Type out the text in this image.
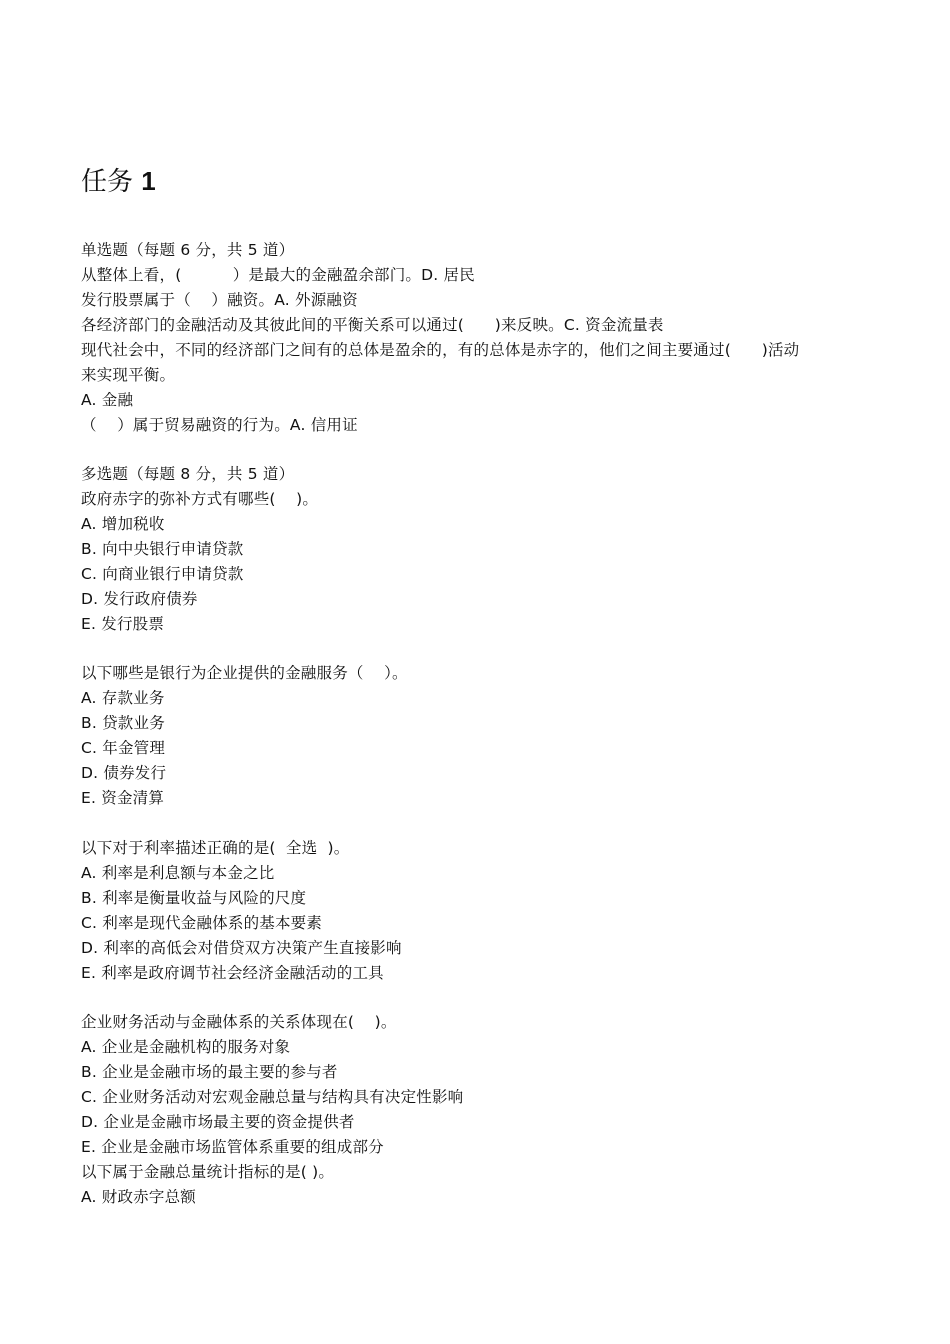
任务 1
单选题（每题 6 分，共 5 道）
从整体上看，(          ）是最大的金融盈余部门。D. 居民
发行股票属于（    ）融资。A. 外源融资
各经济部门的金融活动及其彼此间的平衡关系可以通过(      )来反映。C. 资金流量表
现代社会中，不同的经济部门之间有的总体是盈余的，有的总体是赤字的，他们之间主要通过(      )活动
来实现平衡。
A. 金融
（    ）属于贸易融资的行为。A. 信用证
多选题（每题 8 分，共 5 道）
政府赤字的弥补方式有哪些(    )。
A. 增加税收
B. 向中央银行申请贷款
C. 向商业银行申请贷款
D. 发行政府债券
E. 发行股票
以下哪些是银行为企业提供的金融服务（    ）。
A. 存款业务
B. 贷款业务
C. 年金管理
D. 债券发行
E. 资金清算
以下对于利率描述正确的是(  全选  )。
A. 利率是利息额与本金之比
B. 利率是衡量收益与风险的尺度
C. 利率是现代金融体系的基本要素
D. 利率的高低会对借贷双方决策产生直接影响
E. 利率是政府调节社会经济金融活动的工具
企业财务活动与金融体系的关系体现在(    )。
A. 企业是金融机构的服务对象
B. 企业是金融市场的最主要的参与者
C. 企业财务活动对宏观金融总量与结构具有决定性影响
D. 企业是金融市场最主要的资金提供者
E. 企业是金融市场监管体系重要的组成部分
以下属于金融总量统计指标的是( )。
A. 财政赤字总额
